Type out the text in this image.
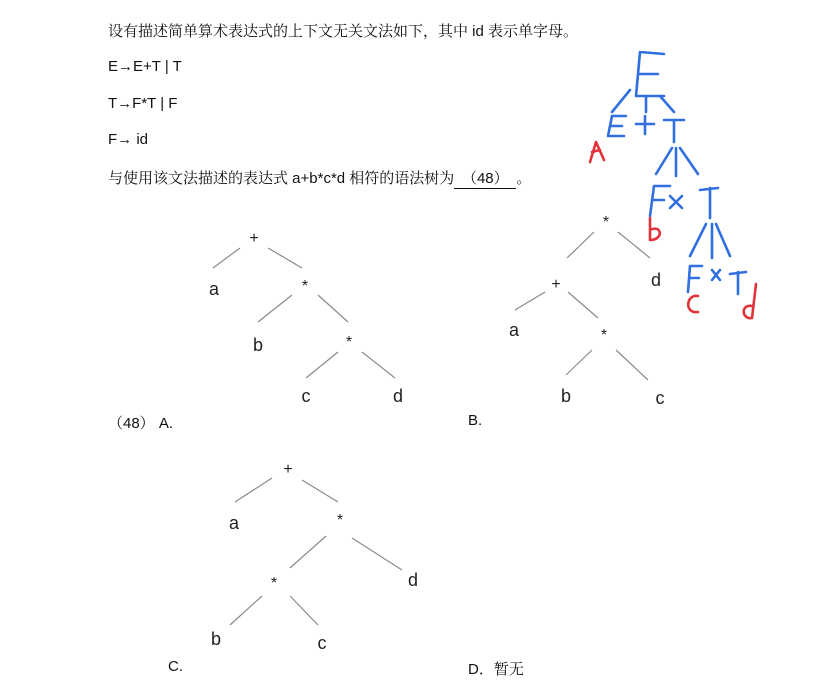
设有描述简单算术表达式的上下文无关文法如下，其中 id 表示单字母。
E→E+T | T
T→F*T | F
F→ id
与使用该文法描述的表达式 a+b*c*d 相符的语法树为 （48） 。
（48） A.	B.
C.	D．暂无
+
a	*
b	*
c	d
*
+	d
a	*
b	c
+
a	*
*	d
b	c
E
a
b
c
d
